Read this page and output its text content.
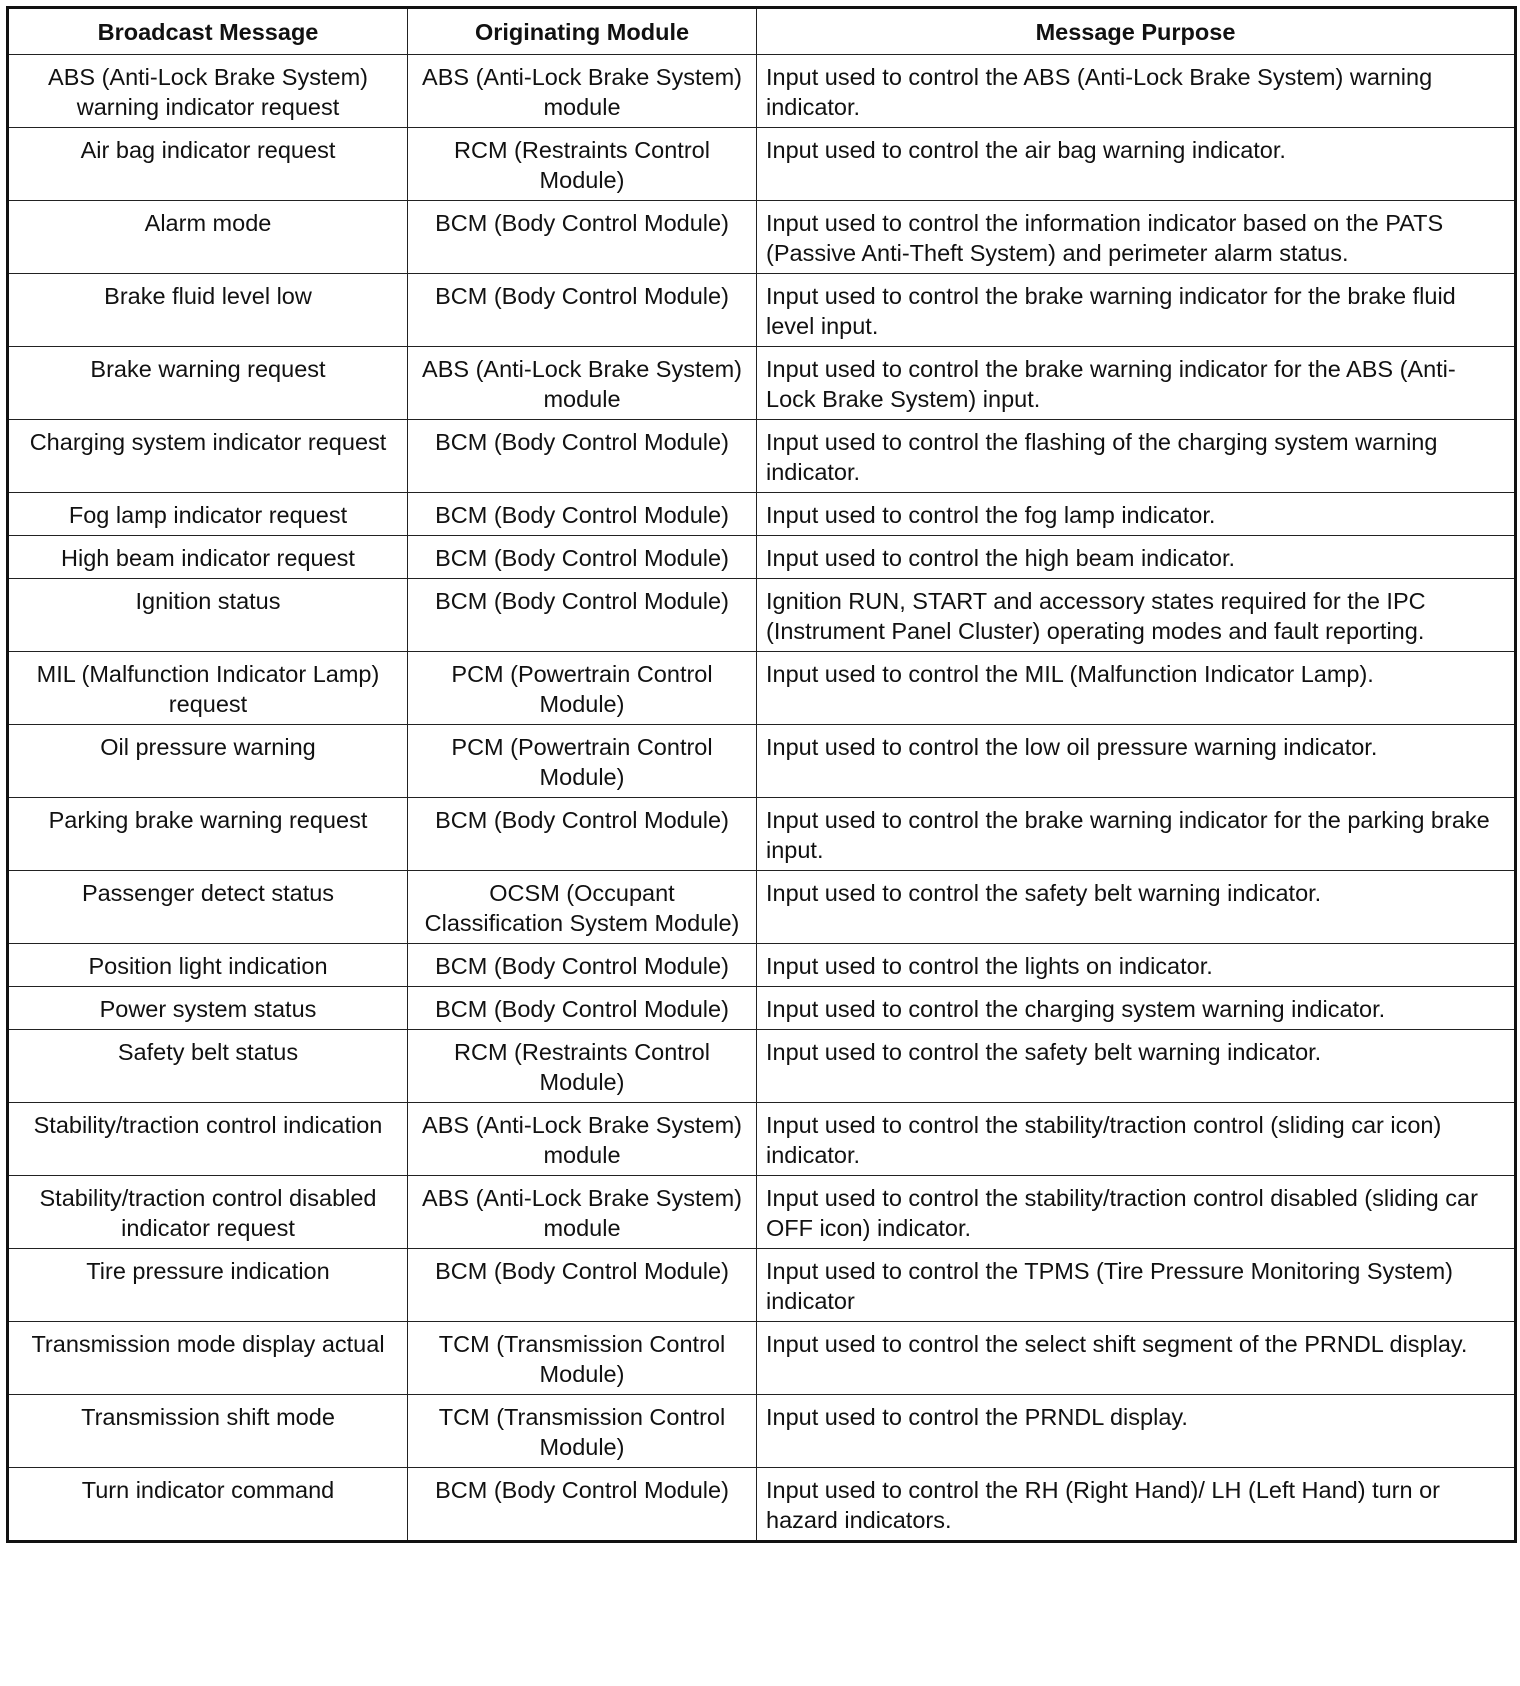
Broadcast Message	Originating Module	Message Purpose

ABS (Anti-Lock Brake System) warning indicator request	ABS (Anti-Lock Brake System) module	Input used to control the ABS (Anti-Lock Brake System) warning indicator.

Air bag indicator request	RCM (Restraints Control Module)	Input used to control the air bag warning indicator.

Alarm mode	BCM (Body Control Module)	Input used to control the information indicator based on the PATS (Passive Anti-Theft System) and perimeter alarm status.

Brake fluid level low	BCM (Body Control Module)	Input used to control the brake warning indicator for the brake fluid level input.

Brake warning request	ABS (Anti-Lock Brake System) module	Input used to control the brake warning indicator for the ABS (Anti-Lock Brake System) input.

Charging system indicator request	BCM (Body Control Module)	Input used to control the flashing of the charging system warning indicator.

Fog lamp indicator request	BCM (Body Control Module)	Input used to control the fog lamp indicator.

High beam indicator request	BCM (Body Control Module)	Input used to control the high beam indicator.

Ignition status	BCM (Body Control Module)	Ignition RUN, START and accessory states required for the IPC (Instrument Panel Cluster) operating modes and fault reporting.

MIL (Malfunction Indicator Lamp) request	PCM (Powertrain Control Module)	Input used to control the MIL (Malfunction Indicator Lamp).

Oil pressure warning	PCM (Powertrain Control Module)	Input used to control the low oil pressure warning indicator.

Parking brake warning request	BCM (Body Control Module)	Input used to control the brake warning indicator for the parking brake input.

Passenger detect status	OCSM (Occupant Classification System Module)	Input used to control the safety belt warning indicator.

Position light indication	BCM (Body Control Module)	Input used to control the lights on indicator.

Power system status	BCM (Body Control Module)	Input used to control the charging system warning indicator.

Safety belt status	RCM (Restraints Control Module)	Input used to control the safety belt warning indicator.

Stability/traction control indication	ABS (Anti-Lock Brake System) module	Input used to control the stability/traction control (sliding car icon) indicator.

Stability/traction control disabled indicator request	ABS (Anti-Lock Brake System) module	Input used to control the stability/traction control disabled (sliding car OFF icon) indicator.

Tire pressure indication	BCM (Body Control Module)	Input used to control the TPMS (Tire Pressure Monitoring System) indicator

Transmission mode display actual	TCM (Transmission Control Module)	Input used to control the select shift segment of the PRNDL display.

Transmission shift mode	TCM (Transmission Control Module)	Input used to control the PRNDL display.

Turn indicator command	BCM (Body Control Module)	Input used to control the RH (Right Hand)/ LH (Left Hand) turn or hazard indicators.
